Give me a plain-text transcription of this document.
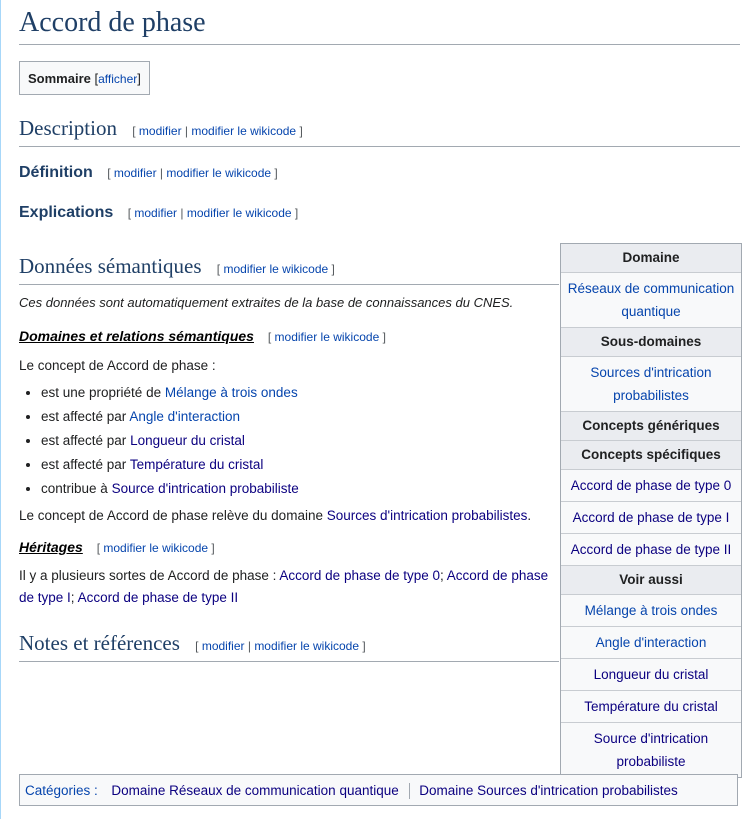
Accord de phase
Sommaire [afficher]
Description [ modifier | modifier le wikicode ]
Définition [ modifier | modifier le wikicode ]
Explications [ modifier | modifier le wikicode ]
Données sémantiques [ modifier le wikicode ]

Ces données sont automatiquement extraites de la base de connaissances du CNES.

Domaines et relations sémantiques [ modifier le wikicode ]

Le concept de Accord de phase :

• est une propriété de Mélange à trois ondes
• est affecté par Angle d'interaction
• est affecté par Longueur du cristal
• est affecté par Température du cristal
• contribue à Source d'intrication probabiliste

Le concept de Accord de phase relève du domaine Sources d'intrication probabilistes.

Héritages [ modifier le wikicode ]

Il y a plusieurs sortes de Accord de phase : Accord de phase de type 0; Accord de phase de type I; Accord de phase de type II

Notes et références [ modifier | modifier le wikicode ]
Domaine
Réseaux de communication quantique
Sous-domaines
Sources d'intrication probabilistes
Concepts génériques
Concepts spécifiques
Accord de phase de type 0
Accord de phase de type I
Accord de phase de type II
Voir aussi
Mélange à trois ondes
Angle d'interaction
Longueur du cristal
Température du cristal
Source d'intrication probabiliste
Catégories : Domaine Réseaux de communication quantique Domaine Sources d'intrication probabilistes
